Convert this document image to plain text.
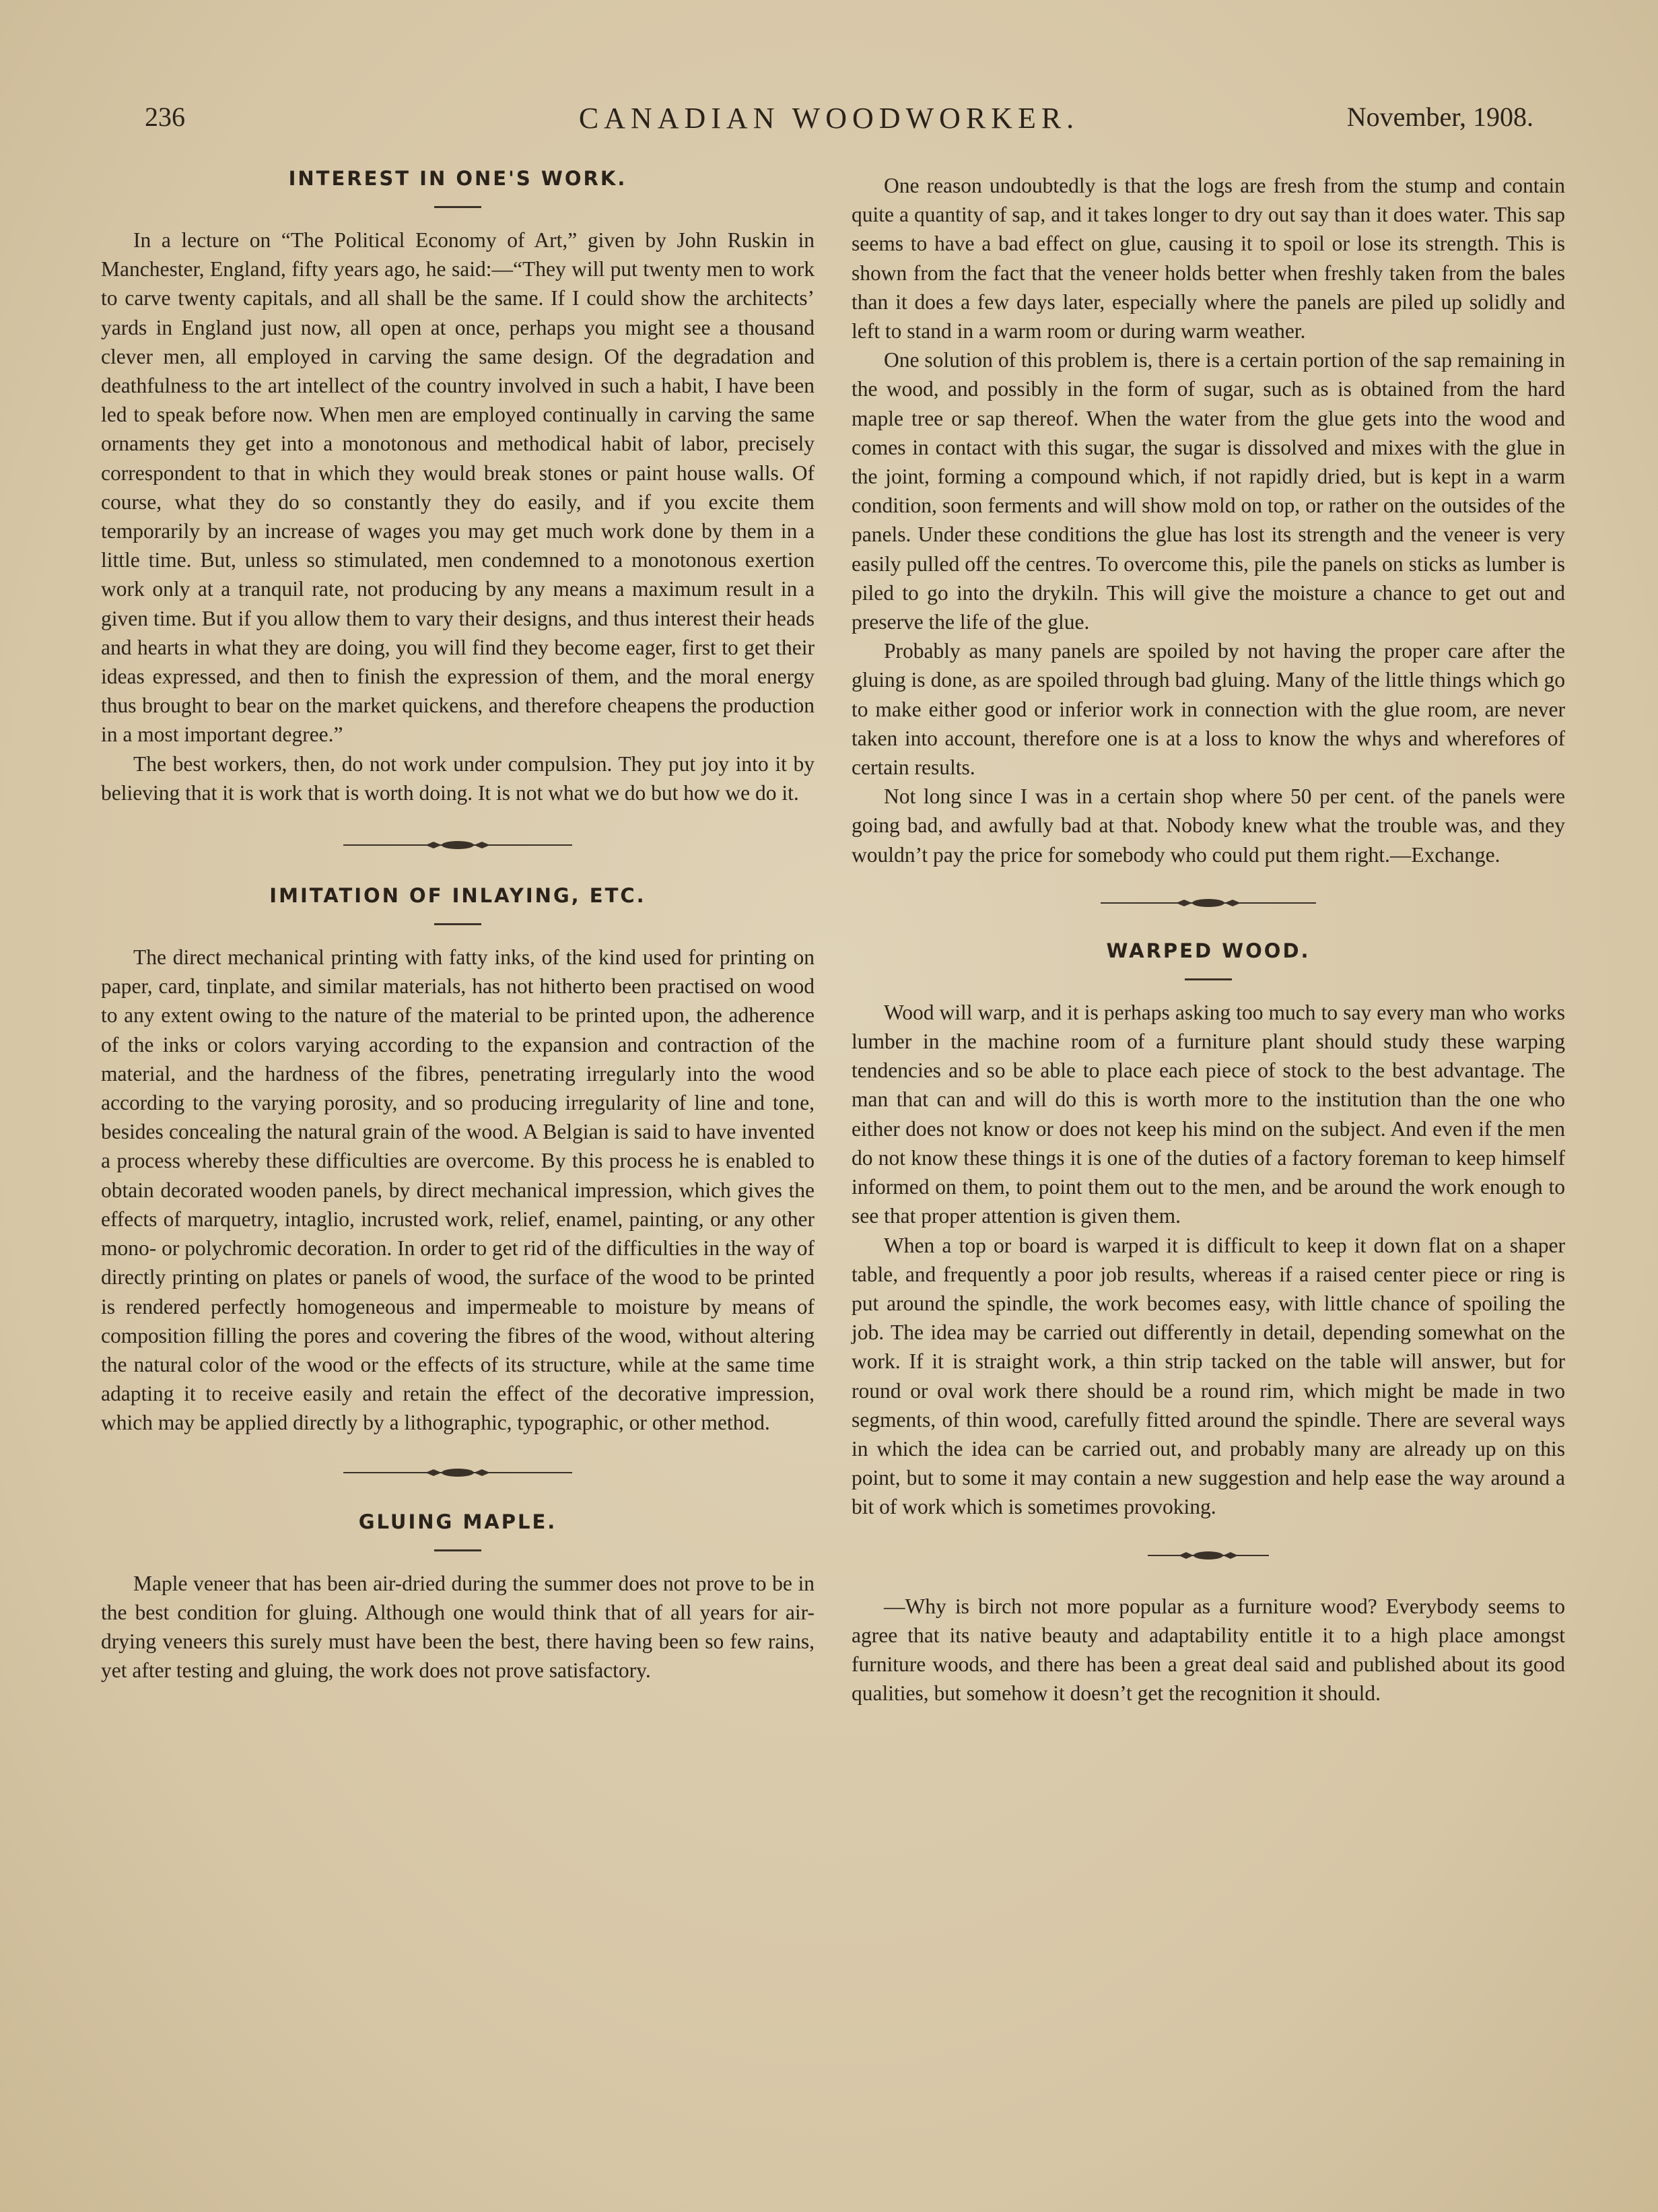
236	CANADIAN WOODWORKER.	November, 1908.
INTEREST IN ONE'S WORK.

In a lecture on “The Political Economy of Art,” given by John Ruskin in Manchester, England, fifty years ago, he said:—“They will put twenty men to work to carve twenty capitals, and all shall be the same. If I could show the architects’ yards in England just now, all open at once, perhaps you might see a thousand clever men, all employed in carving the same design. Of the degradation and deathfulness to the art intellect of the country involved in such a habit, I have been led to speak before now. When men are employed continually in carving the same ornaments they get into a monotonous and methodical habit of labor, precisely correspondent to that in which they would break stones or paint house walls. Of course, what they do so constantly they do easily, and if you excite them temporarily by an increase of wages you may get much work done by them in a little time. But, unless so stimulated, men condemned to a monotonous exertion work only at a tranquil rate, not producing by any means a maximum result in a given time. But if you allow them to vary their designs, and thus interest their heads and hearts in what they are doing, you will find they become eager, first to get their ideas expressed, and then to finish the expression of them, and the moral energy thus brought to bear on the market quickens, and therefore cheapens the production in a most important degree.”

The best workers, then, do not work under compulsion. They put joy into it by believing that it is work that is worth doing. It is not what we do but how we do it.

IMITATION OF INLAYING, ETC.

The direct mechanical printing with fatty inks, of the kind used for printing on paper, card, tinplate, and similar materials, has not hitherto been practised on wood to any extent owing to the nature of the material to be printed upon, the adherence of the inks or colors varying according to the expansion and contraction of the material, and the hardness of the fibres, penetrating irregularly into the wood according to the varying porosity, and so producing irregularity of line and tone, besides concealing the natural grain of the wood. A Belgian is said to have invented a process whereby these difficulties are overcome. By this process he is enabled to obtain decorated wooden panels, by direct mechanical impression, which gives the effects of marquetry, intaglio, incrusted work, relief, enamel, painting, or any other mono- or polychromic decoration. In order to get rid of the difficulties in the way of directly printing on plates or panels of wood, the surface of the wood to be printed is rendered perfectly homogeneous and impermeable to moisture by means of composition filling the pores and covering the fibres of the wood, without altering the natural color of the wood or the effects of its structure, while at the same time adapting it to receive easily and retain the effect of the decorative impression, which may be applied directly by a lithographic, typographic, or other method.

GLUING MAPLE.

Maple veneer that has been air-dried during the summer does not prove to be in the best condition for gluing. Although one would think that of all years for air-drying veneers this surely must have been the best, there having been so few rains, yet after testing and gluing, the work does not prove satisfactory.

One reason undoubtedly is that the logs are fresh from the stump and contain quite a quantity of sap, and it takes longer to dry out say than it does water. This sap seems to have a bad effect on glue, causing it to spoil or lose its strength. This is shown from the fact that the veneer holds better when freshly taken from the bales than it does a few days later, especially where the panels are piled up solidly and left to stand in a warm room or during warm weather.

One solution of this problem is, there is a certain portion of the sap remaining in the wood, and possibly in the form of sugar, such as is obtained from the hard maple tree or sap thereof. When the water from the glue gets into the wood and comes in contact with this sugar, the sugar is dissolved and mixes with the glue in the joint, forming a compound which, if not rapidly dried, but is kept in a warm condition, soon ferments and will show mold on top, or rather on the outsides of the panels. Under these conditions the glue has lost its strength and the veneer is very easily pulled off the centres. To overcome this, pile the panels on sticks as lumber is piled to go into the drykiln. This will give the moisture a chance to get out and preserve the life of the glue.

Probably as many panels are spoiled by not having the proper care after the gluing is done, as are spoiled through bad gluing. Many of the little things which go to make either good or inferior work in connection with the glue room, are never taken into account, therefore one is at a loss to know the whys and wherefores of certain results.

Not long since I was in a certain shop where 50 per cent. of the panels were going bad, and awfully bad at that. Nobody knew what the trouble was, and they wouldn’t pay the price for somebody who could put them right.—Exchange.

WARPED WOOD.

Wood will warp, and it is perhaps asking too much to say every man who works lumber in the machine room of a furniture plant should study these warping tendencies and so be able to place each piece of stock to the best advantage. The man that can and will do this is worth more to the institution than the one who either does not know or does not keep his mind on the subject. And even if the men do not know these things it is one of the duties of a factory foreman to keep himself informed on them, to point them out to the men, and be around the work enough to see that proper attention is given them.

When a top or board is warped it is difficult to keep it down flat on a shaper table, and frequently a poor job results, whereas if a raised center piece or ring is put around the spindle, the work becomes easy, with little chance of spoiling the job. The idea may be carried out differently in detail, depending somewhat on the work. If it is straight work, a thin strip tacked on the table will answer, but for round or oval work there should be a round rim, which might be made in two segments, of thin wood, carefully fitted around the spindle. There are several ways in which the idea can be carried out, and probably many are already up on this point, but to some it may contain a new suggestion and help ease the way around a bit of work which is sometimes provoking.

—Why is birch not more popular as a furniture wood? Everybody seems to agree that its native beauty and adaptability entitle it to a high place amongst furniture woods, and there has been a great deal said and published about its good qualities, but somehow it doesn’t get the recognition it should.
